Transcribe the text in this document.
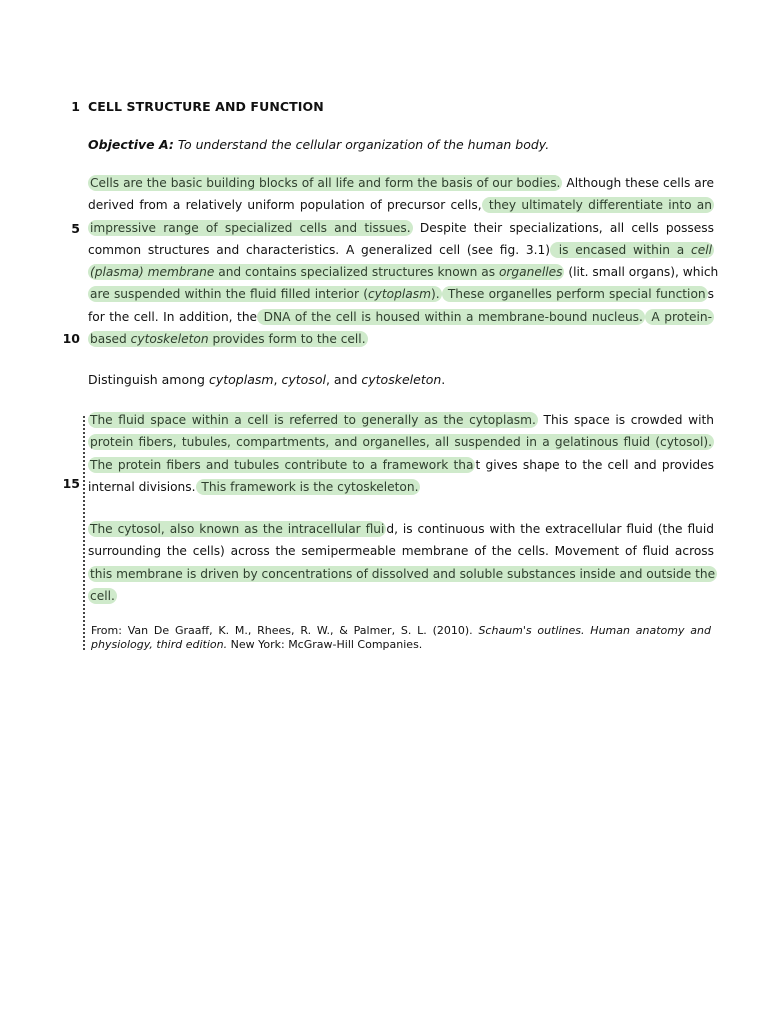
1
5
10
15
CELL STRUCTURE AND FUNCTION
Objective A: To understand the cellular organization of the human body.
Cells are the basic building blocks of all life and form the basis of our bodies. Although these cells are
derived from a relatively uniform population of precursor cells, they ultimately differentiate into an
impressive range of specialized cells and tissues. Despite their specializations, all cells possess
common structures and characteristics. A generalized cell (see fig. 3.1) is encased within a cell
(plasma) membrane and contains specialized structures known as organelles (lit. small organs), which
are suspended within the fluid filled interior (cytoplasm). These organelles perform special function s
for the cell. In addition, the DNA of the cell is housed within a membrane-bound nucleus. A protein-
based cytoskeleton provides form to the cell.
Distinguish among cytoplasm, cytosol, and cytoskeleton.
The fluid space within a cell is referred to generally as the cytoplasm. This space is crowded with
protein fibers, tubules, compartments, and organelles, all suspended in a gelatinous fluid (cytosol).
The protein fibers and tubules contribute to a framework tha t gives shape to the cell and provides
internal divisions. This framework is the cytoskeleton.
The cytosol, also known as the intracellular flui d, is continuous with the extracellular fluid (the fluid
surrounding the cells) across the semipermeable membrane of the cells. Movement of fluid across
this membrane is driven by concentrations of dissolved and soluble substances inside and outside the
cell.
From: Van De Graaff, K. M., Rhees, R. W., & Palmer, S. L. (2010). Schaum's outlines. Human anatomy and physiology, third edition. New York: McGraw-Hill Companies.
